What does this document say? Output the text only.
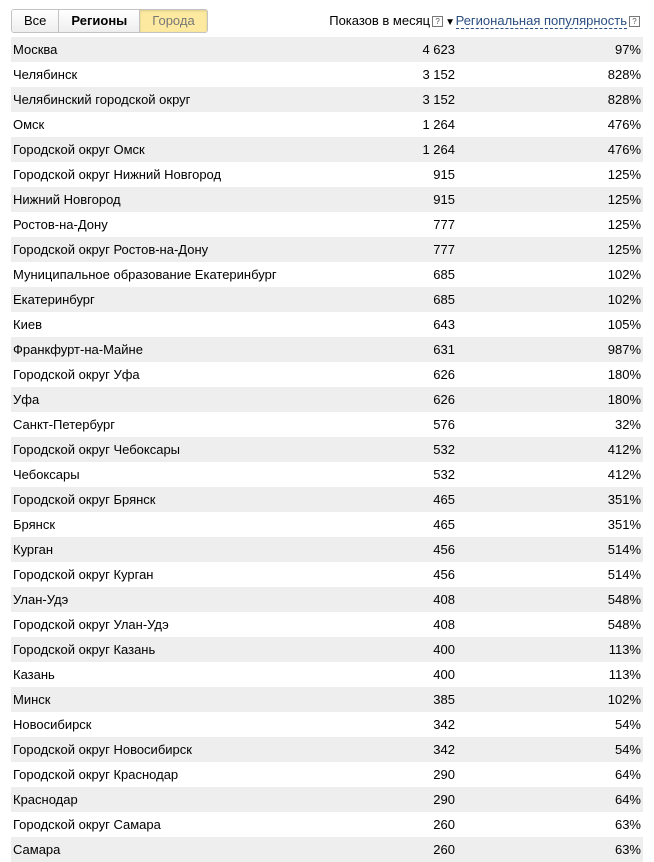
Все	Регионы	Города	Показов в месяц ? ▼ Региональная популярность ?
Москва	4 623	97%
Челябинск	3 152	828%
Челябинский городской округ	3 152	828%
Омск	1 264	476%
Городской округ Омск	1 264	476%
Городской округ Нижний Новгород	915	125%
Нижний Новгород	915	125%
Ростов-на-Дону	777	125%
Городской округ Ростов-на-Дону	777	125%
Муниципальное образование Екатеринбург	685	102%
Екатеринбург	685	102%
Киев	643	105%
Франкфурт-на-Майне	631	987%
Городской округ Уфа	626	180%
Уфа	626	180%
Санкт-Петербург	576	32%
Городской округ Чебоксары	532	412%
Чебоксары	532	412%
Городской округ Брянск	465	351%
Брянск	465	351%
Курган	456	514%
Городской округ Курган	456	514%
Улан-Удэ	408	548%
Городской округ Улан-Удэ	408	548%
Городской округ Казань	400	113%
Казань	400	113%
Минск	385	102%
Новосибирск	342	54%
Городской округ Новосибирск	342	54%
Городской округ Краснодар	290	64%
Краснодар	290	64%
Городской округ Самара	260	63%
Самара	260	63%
